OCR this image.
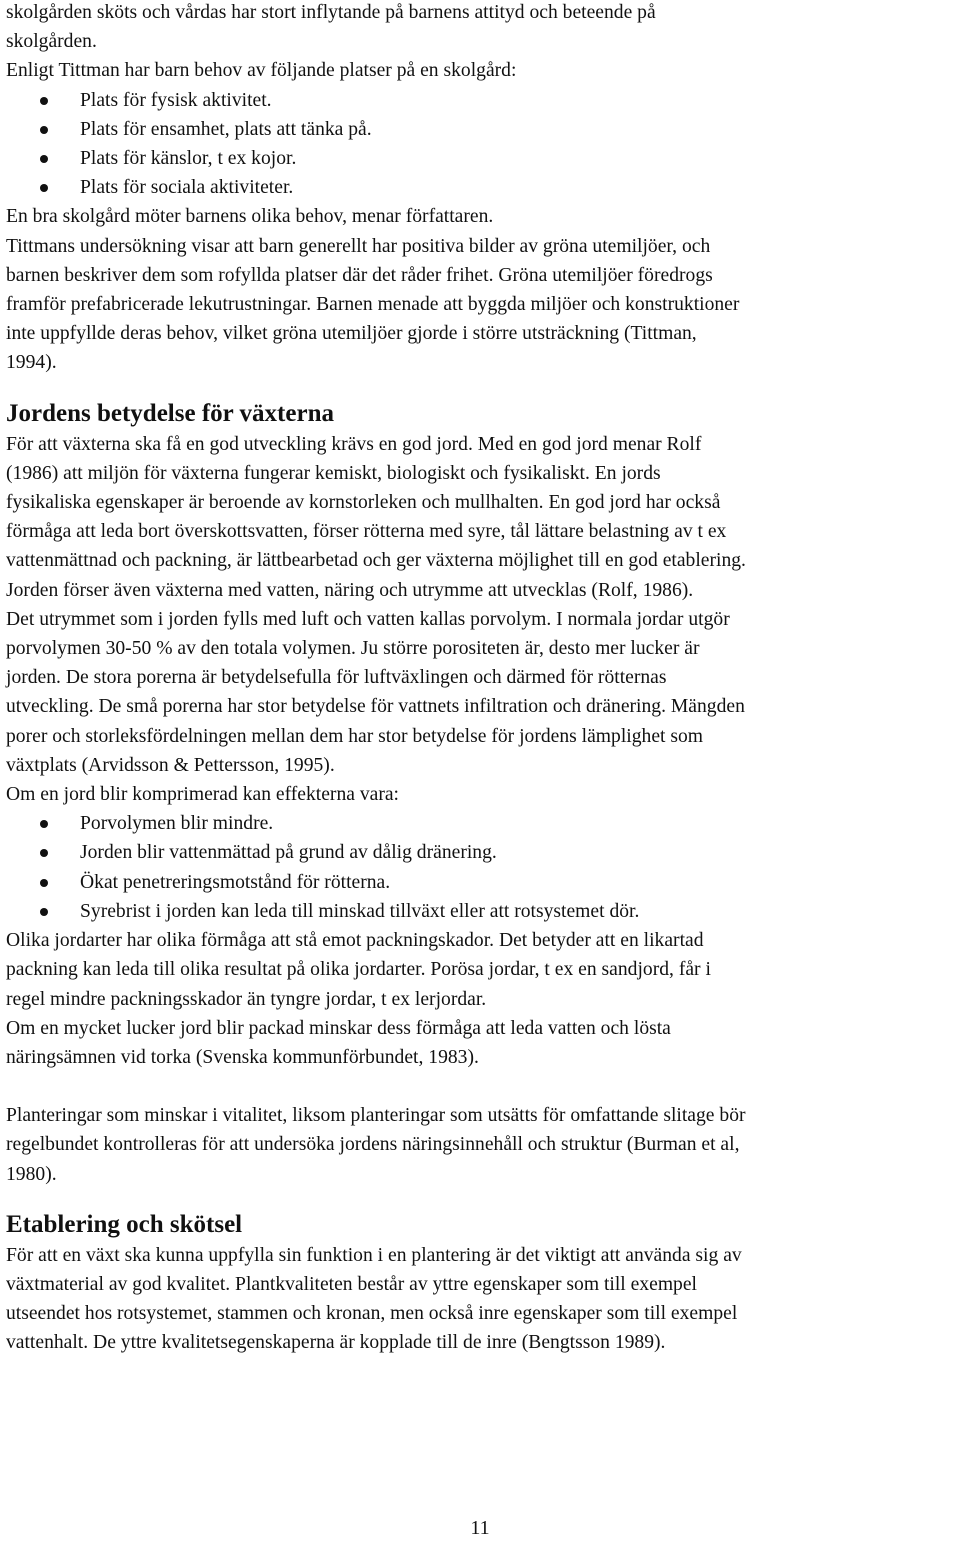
skolgården sköts och vårdas har stort inflytande på barnens attityd och beteende på
skolgården.
Enligt Tittman har barn behov av följande platser på en skolgård:
Plats för fysisk aktivitet.
Plats för ensamhet, plats att tänka på.
Plats för känslor, t ex kojor.
Plats för sociala aktiviteter.
En bra skolgård möter barnens olika behov, menar författaren.
Tittmans undersökning visar att barn generellt har positiva bilder av gröna utemiljöer, och
barnen beskriver dem som rofyllda platser där det råder frihet. Gröna utemiljöer föredrogs
framför prefabricerade lekutrustningar. Barnen menade att byggda miljöer och konstruktioner
inte uppfyllde deras behov, vilket gröna utemiljöer gjorde i större utsträckning (Tittman,
1994).
Jordens betydelse för växterna
För att växterna ska få en god utveckling krävs en god jord. Med en god jord menar Rolf
(1986) att miljön för växterna fungerar kemiskt, biologiskt och fysikaliskt. En jords
fysikaliska egenskaper är beroende av kornstorleken och mullhalten. En god jord har också
förmåga att leda bort överskottsvatten, förser rötterna med syre, tål lättare belastning av t ex
vattenmättnad och packning, är lättbearbetad och ger växterna möjlighet till en god etablering.
Jorden förser även växterna med vatten, näring och utrymme att utvecklas (Rolf, 1986).
Det utrymmet som i jorden fylls med luft och vatten kallas porvolym. I normala jordar utgör
porvolymen 30-50 % av den totala volymen. Ju större porositeten är, desto mer lucker är
jorden. De stora porerna är betydelsefulla för luftväxlingen och därmed för rötternas
utveckling. De små porerna har stor betydelse för vattnets infiltration och dränering. Mängden
porer och storleksfördelningen mellan dem har stor betydelse för jordens lämplighet som
växtplats (Arvidsson & Pettersson, 1995).
Om en jord blir komprimerad kan effekterna vara:
Porvolymen blir mindre.
Jorden blir vattenmättad på grund av dålig dränering.
Ökat penetreringsmotstånd för rötterna.
Syrebrist i jorden kan leda till minskad tillväxt eller att rotsystemet dör.
Olika jordarter har olika förmåga att stå emot packningskador. Det betyder att en likartad
packning kan leda till olika resultat på olika jordarter. Porösa jordar, t ex en sandjord, får i
regel mindre packningsskador än tyngre jordar, t ex lerjordar.
Om en mycket lucker jord blir packad minskar dess förmåga att leda vatten och lösta
näringsämnen vid torka (Svenska kommunförbundet, 1983).
Planteringar som minskar i vitalitet, liksom planteringar som utsätts för omfattande slitage bör
regelbundet kontrolleras för att undersöka jordens näringsinnehåll och struktur (Burman et al,
1980).
Etablering och skötsel
För att en växt ska kunna uppfylla sin funktion i en plantering är det viktigt att använda sig av
växtmaterial av god kvalitet. Plantkvaliteten består av yttre egenskaper som till exempel
utseendet hos rotsystemet, stammen och kronan, men också inre egenskaper som till exempel
vattenhalt. De yttre kvalitetsegenskaperna är kopplade till de inre (Bengtsson 1989).
11
